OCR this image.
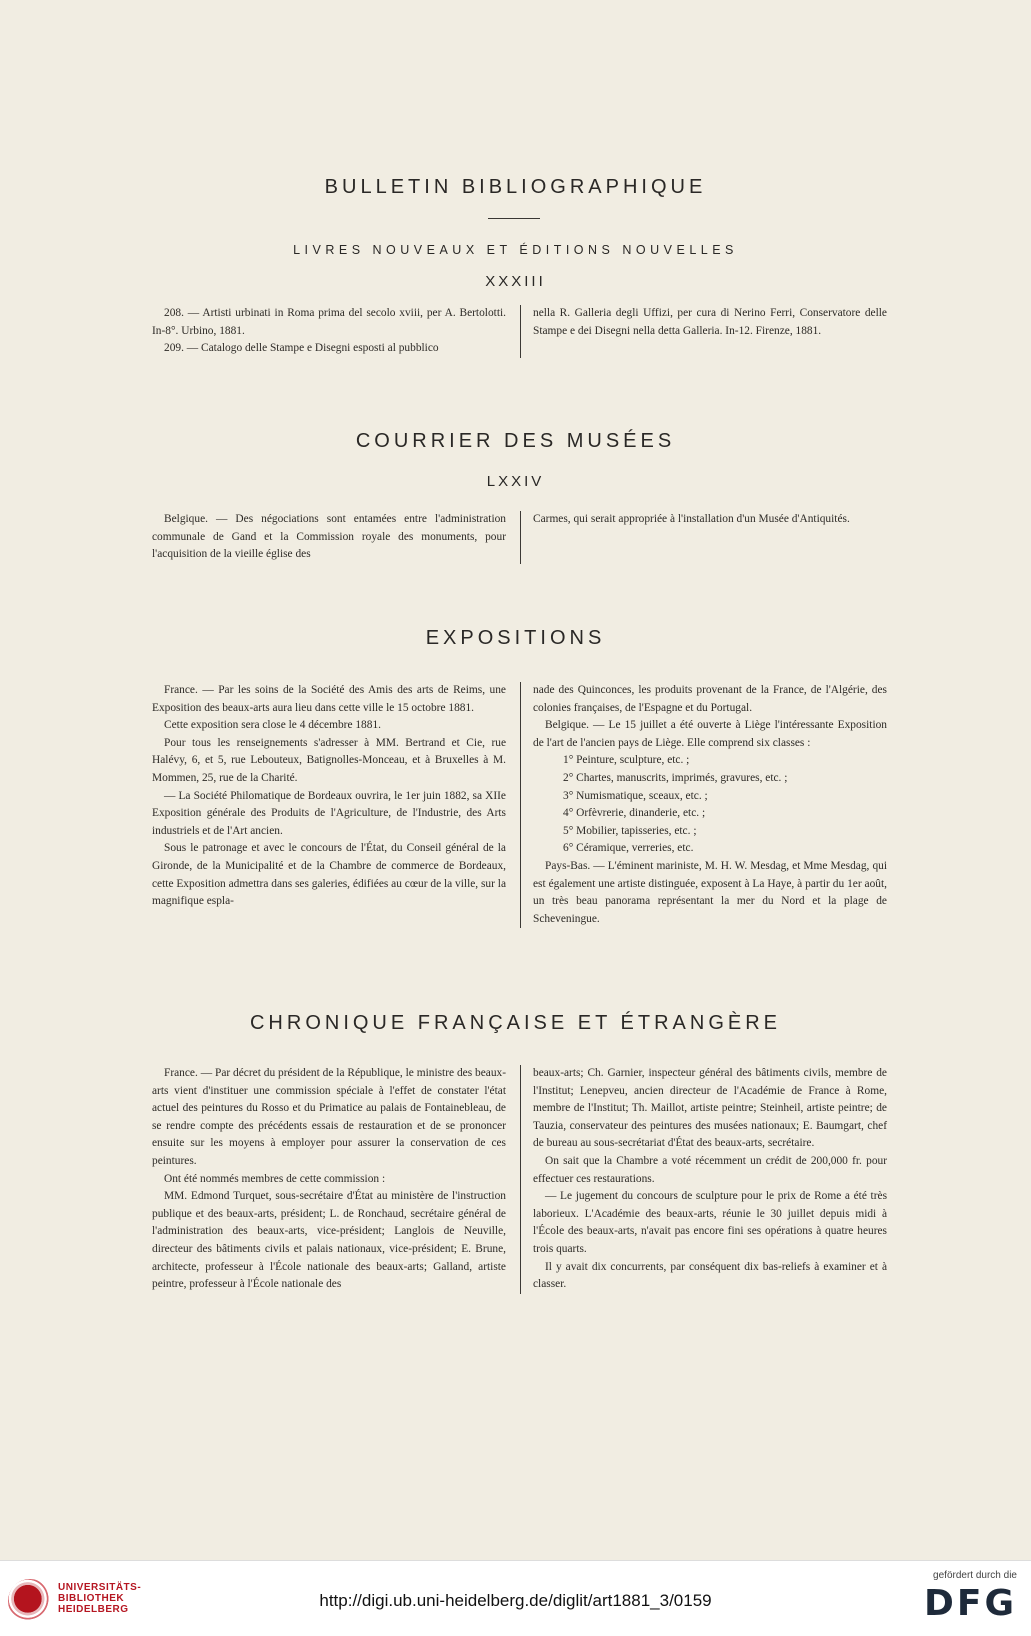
BULLETIN BIBLIOGRAPHIQUE
LIVRES NOUVEAUX ET ÉDITIONS NOUVELLES
XXXIII

208. — Artisti urbinati in Roma prima del secolo xviii, per A. Bertolotti. In-8°. Urbino, 1881.

209. — Catalogo delle Stampe e Disegni esposti al pubblico

nella R. Galleria degli Uffizi, per cura di Nerino Ferri, Conservatore delle Stampe e dei Disegni nella detta Galleria. In-12. Firenze, 1881.

COURRIER DES MUSÉES
LXXIV

Belgique. — Des négociations sont entamées entre l'administration communale de Gand et la Commission royale des monuments, pour l'acquisition de la vieille église des

Carmes, qui serait appropriée à l'installation d'un Musée d'Antiquités.

EXPOSITIONS

France. — Par les soins de la Société des Amis des arts de Reims, une Exposition des beaux-arts aura lieu dans cette ville le 15 octobre 1881.

Cette exposition sera close le 4 décembre 1881.

Pour tous les renseignements s'adresser à MM. Bertrand et Cie, rue Halévy, 6, et 5, rue Lebouteux, Batignolles-Monceau, et à Bruxelles à M. Mommen, 25, rue de la Charité.

— La Société Philomatique de Bordeaux ouvrira, le 1er juin 1882, sa XIIe Exposition générale des Produits de l'Agriculture, de l'Industrie, des Arts industriels et de l'Art ancien.

Sous le patronage et avec le concours de l'État, du Conseil général de la Gironde, de la Municipalité et de la Chambre de commerce de Bordeaux, cette Exposition admettra dans ses galeries, édifiées au cœur de la ville, sur la magnifique espla-

nade des Quinconces, les produits provenant de la France, de l'Algérie, des colonies françaises, de l'Espagne et du Portugal.

Belgique. — Le 15 juillet a été ouverte à Liège l'intéressante Exposition de l'art de l'ancien pays de Liège. Elle comprend six classes :

1° Peinture, sculpture, etc. ;

2° Chartes, manuscrits, imprimés, gravures, etc. ;

3° Numismatique, sceaux, etc. ;

4° Orfèvrerie, dinanderie, etc. ;

5° Mobilier, tapisseries, etc. ;

6° Céramique, verreries, etc.

Pays-Bas. — L'éminent mariniste, M. H. W. Mesdag, et Mme Mesdag, qui est également une artiste distinguée, exposent à La Haye, à partir du 1er août, un très beau panorama représentant la mer du Nord et la plage de Scheveningue.

CHRONIQUE FRANÇAISE ET ÉTRANGÈRE

France. — Par décret du président de la République, le ministre des beaux-arts vient d'instituer une commission spéciale à l'effet de constater l'état actuel des peintures du Rosso et du Primatice au palais de Fontainebleau, de se rendre compte des précédents essais de restauration et de se prononcer ensuite sur les moyens à employer pour assurer la conservation de ces peintures.

Ont été nommés membres de cette commission :

MM. Edmond Turquet, sous-secrétaire d'État au ministère de l'instruction publique et des beaux-arts, président; L. de Ronchaud, secrétaire général de l'administration des beaux-arts, vice-président; Langlois de Neuville, directeur des bâtiments civils et palais nationaux, vice-président; E. Brune, architecte, professeur à l'École nationale des beaux-arts; Galland, artiste peintre, professeur à l'École nationale des

beaux-arts; Ch. Garnier, inspecteur général des bâtiments civils, membre de l'Institut; Lenepveu, ancien directeur de l'Académie de France à Rome, membre de l'Institut; Th. Maillot, artiste peintre; Steinheil, artiste peintre; de Tauzia, conservateur des peintures des musées nationaux; E. Baumgart, chef de bureau au sous-secrétariat d'État des beaux-arts, secrétaire.

On sait que la Chambre a voté récemment un crédit de 200,000 fr. pour effectuer ces restaurations.

— Le jugement du concours de sculpture pour le prix de Rome a été très laborieux. L'Académie des beaux-arts, réunie le 30 juillet depuis midi à l'École des beaux-arts, n'avait pas encore fini ses opérations à quatre heures trois quarts.

Il y avait dix concurrents, par conséquent dix bas-reliefs à examiner et à classer.

UNIVERSITÄTS-
BIBLIOTHEK
HEIDELBERG	http://digi.ub.uni-heidelberg.de/diglit/art1881_3/0159
gefördert durch die
DFG
